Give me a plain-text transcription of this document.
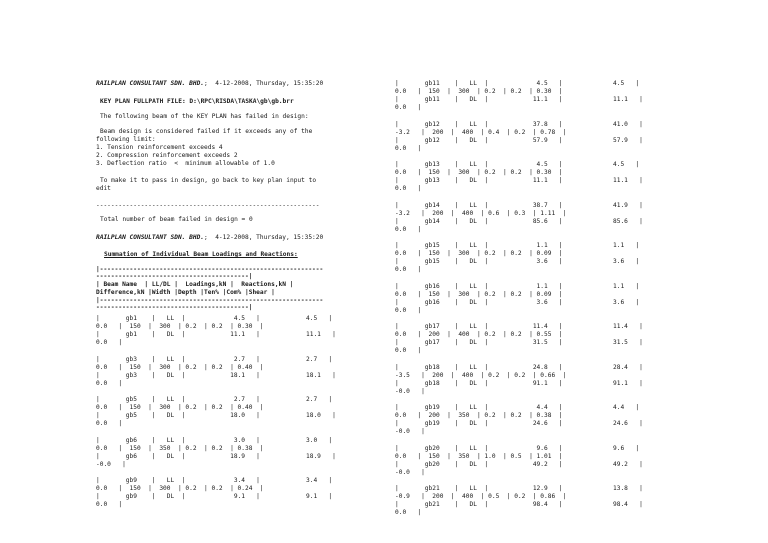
RAILPLAN CONSULTANT SDN. BHD.;  4-12-2008, Thursday, 15:35:20
KEY PLAN FULLPATH FILE: D:\RPC\RISDA\TASKA\gb\gb.brr
The following beam of the KEY PLAN has failed in design:
Beam design is considered failed if it exceeds any of the
following limit:
1. Tension reinforcement exceeds 4
2. Compression reinforcement exceeds 2
3. Deflection ratio  <  minimum allowable of 1.0
To make it to pass in design, go back to key plan input to
edit
------------------------------------------------------------
Total number of beam failed in design = 0
RAILPLAN CONSULTANT SDN. BHD.;  4-12-2008, Thursday, 15:35:20
Summation of Individual Beam Loadings and Reactions:
|------------------------------------------------------------
-----------------------------------------|
| Beam Name  | LL/DL |  Loadings,kN |  Reactions,kN |
Difference,kN |Width |Depth |Ten% |Com% |Shear |
|------------------------------------------------------------
-----------------------------------------|
|       gb1    |   LL  |             4.5   |
0.0   |  150  |  300  | 0.2  | 0.2  | 0.30  |
|       gb1    |   DL  |            11.1   |
0.0   |
4.5   |
11.1   |
|       gb3    |   LL  |             2.7   |
0.0   |  150  |  300  | 0.2  | 0.2  | 0.40  |
|       gb3    |   DL  |            18.1   |
0.0   |
2.7   |
18.1   |
|       gb5    |   LL  |             2.7   |
0.0   |  150  |  300  | 0.2  | 0.2  | 0.40  |
|       gb5    |   DL  |            18.0   |
0.0   |
2.7   |
18.0   |
|       gb6    |   LL  |             3.0   |
0.0   |  150  |  350  | 0.2  | 0.2  | 0.38  |
|       gb6    |   DL  |            18.9   |
-0.0   |
3.0   |
18.9   |
|       gb9    |   LL  |             3.4   |
0.0   |  150  |  300  | 0.2  | 0.2  | 0.24  |
|       gb9    |   DL  |             9.1   |
0.0   |
3.4   |
9.1   |
|       gb11    |   LL  |             4.5   |
0.0   |  150  |  300  | 0.2  | 0.2  | 0.30  |
|       gb11    |   DL  |            11.1   |
0.0   |
4.5   |
11.1   |
|       gb12    |   LL  |            37.8   |
-3.2   |  200  |  400  | 0.4  | 0.2  | 0.78  |
|       gb12    |   DL  |            57.9   |
0.0   |
41.0   |
57.9   |
|       gb13    |   LL  |             4.5   |
0.0   |  150  |  300  | 0.2  | 0.2  | 0.30  |
|       gb13    |   DL  |            11.1   |
0.0   |
4.5   |
11.1   |
|       gb14    |   LL  |            38.7   |
-3.2   |  200  |  400  | 0.6  | 0.3  | 1.11  |
|       gb14    |   DL  |            85.6   |
0.0   |
41.9   |
85.6   |
|       gb15    |   LL  |             1.1   |
0.0   |  150  |  300  | 0.2  | 0.2  | 0.09  |
|       gb15    |   DL  |             3.6   |
0.0   |
1.1   |
3.6   |
|       gb16    |   LL  |             1.1   |
0.0   |  150  |  300  | 0.2  | 0.2  | 0.09  |
|       gb16    |   DL  |             3.6   |
0.0   |
1.1   |
3.6   |
|       gb17    |   LL  |            11.4   |
0.0   |  200  |  400  | 0.2  | 0.2  | 0.55  |
|       gb17    |   DL  |            31.5   |
0.0   |
11.4   |
31.5   |
|       gb18    |   LL  |            24.8   |
-3.5   |  200  |  400  | 0.2  | 0.2  | 0.66  |
|       gb18    |   DL  |            91.1   |
-0.0   |
28.4   |
91.1   |
|       gb19    |   LL  |             4.4   |
0.0   |  200  |  350  | 0.2  | 0.2  | 0.38  |
|       gb19    |   DL  |            24.6   |
-0.0   |
4.4   |
24.6   |
|       gb20    |   LL  |             9.6   |
0.0   |  150  |  350  | 1.0  | 0.5  | 1.01  |
|       gb20    |   DL  |            49.2   |
-0.0   |
9.6   |
49.2   |
|       gb21    |   LL  |            12.9   |
-0.9   |  200  |  400  | 0.5  | 0.2  | 0.86  |
|       gb21    |   DL  |            98.4   |
0.0   |
13.8   |
98.4   |
